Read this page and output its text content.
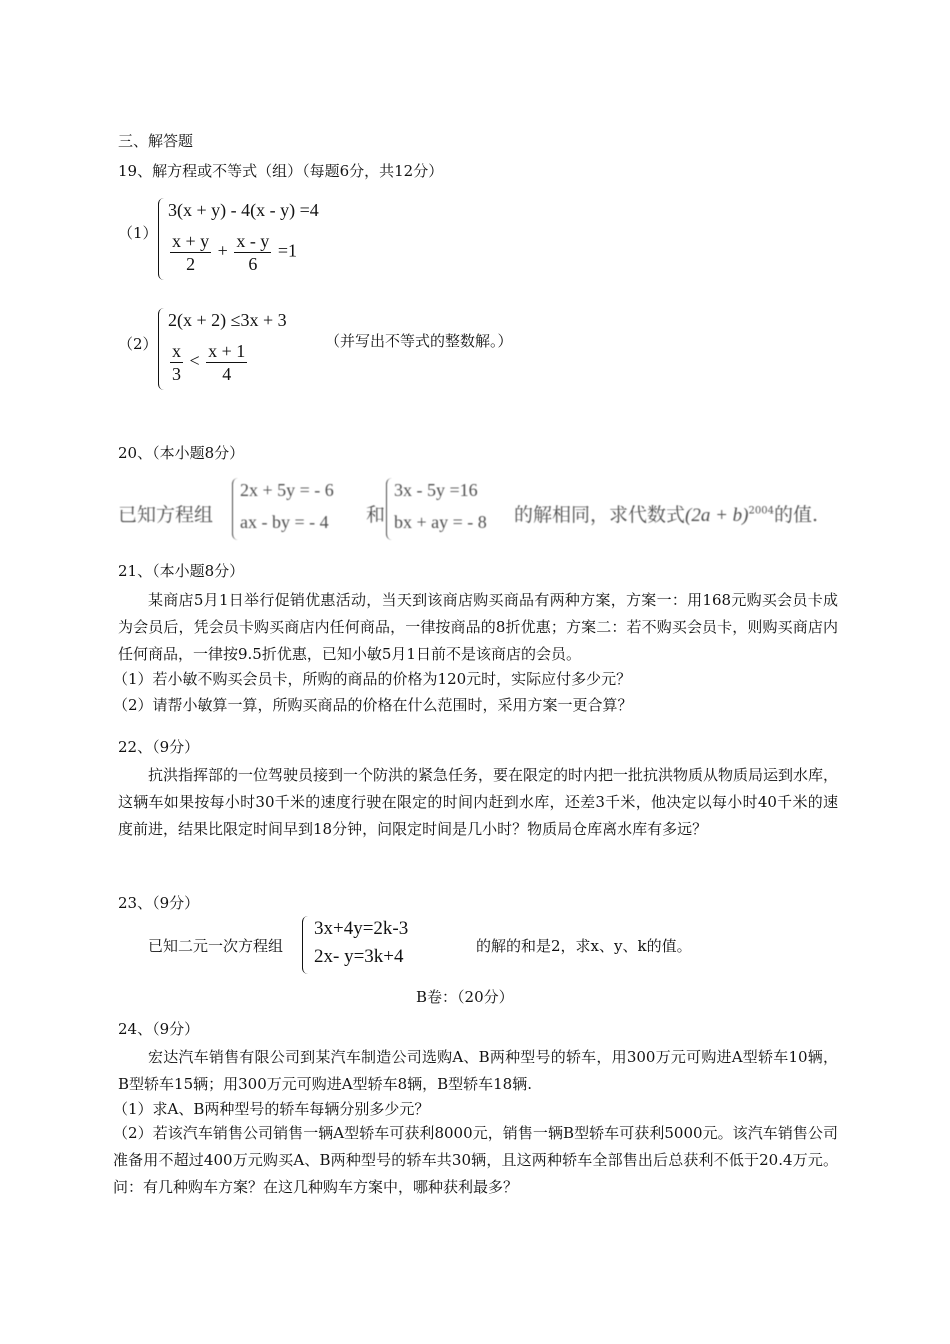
三、解答题
19、解方程或不等式（组）（每题6分，共12分）
（1）
3(x + y) - 4(x - y) =4
$\frac{x + y}{2} + \frac{x - y}{6} =1$
（2）
2(x + 2) ≤3x + 3
$\frac{x}{3} < \frac{x + 1}{4}$	（并写出不等式的整数解。）
20、（本小题8分）
已知方程组
2x + 5y = - 6
ax - by = - 4 和
3x - 5y =16
bx + ay = - 8 的解相同，求代数式$(2a + b)^{2004}$的值.
21、（本小题8分）
某商店5月1日举行促销优惠活动，当天到该商店购买商品有两种方案，方案一：用168元购买会员卡成为会员后，凭会员卡购买商店内任何商品，一律按商品的8折优惠；方案二：若不购买会员卡，则购买商店内任何商品，一律按9.5折优惠，已知小敏5月1日前不是该商店的会员。
（1）若小敏不购买会员卡，所购的商品的价格为120元时，实际应付多少元？
（2）请帮小敏算一算，所购买商品的价格在什么范围时，采用方案一更合算？
22、（9分）
抗洪指挥部的一位驾驶员接到一个防洪的紧急任务，要在限定的时内把一批抗洪物质从物质局运到水库，这辆车如果按每小时30千米的速度行驶在限定的时间内赶到水库，还差3千米，他决定以每小时40千米的速度前进，结果比限定时间早到18分钟，问限定时间是几小时？物质局仓库离水库有多远？
23、（9分）
已知二元一次方程组
3x+4y=2k-3
2x- y=3k+4	的解的和是2，求x、y、k的值。
B卷：（20分）
24、（9分）
宏达汽车销售有限公司到某汽车制造公司选购A、B两种型号的轿车，用300万元可购进A型轿车10辆，B型轿车15辆；用300万元可购进A型轿车8辆，B型轿车18辆.
（1）求A、B两种型号的轿车每辆分别多少元？
（2）若该汽车销售公司销售一辆A型轿车可获利8000元，销售一辆B型轿车可获利5000元。该汽车销售公司准备用不超过400万元购买A、B两种型号的轿车共30辆，且这两种轿车全部售出后总获利不低于20.4万元。问：有几种购车方案？在这几种购车方案中，哪种获利最多？
